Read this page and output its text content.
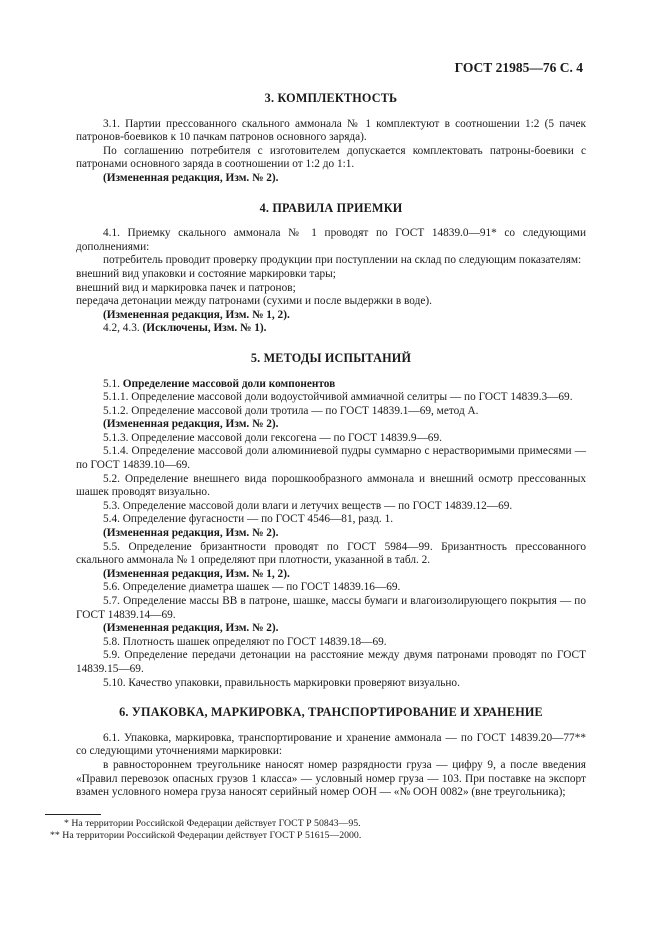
ГОСТ 21985—76 С. 4
3. КОМПЛЕКТНОСТЬ
3.1. Партии прессованного скального аммонала № 1 комплектуют в соотношении 1:2 (5 пачек патронов-боевиков к 10 пачкам патронов основного заряда).
По соглашению потребителя с изготовителем допускается комплектовать патроны-боевики с патронами основного заряда в соотношении от 1:2 до 1:1.
(Измененная редакция, Изм. № 2).
4. ПРАВИЛА ПРИЕМКИ
4.1. Приемку скального аммонала № 1 проводят по ГОСТ 14839.0—91* со следующими дополнениями:
потребитель проводит проверку продукции при поступлении на склад по следующим показателям:
внешний вид упаковки и состояние маркировки тары;
внешний вид и маркировка пачек и патронов;
передача детонации между патронами (сухими и после выдержки в воде).
(Измененная редакция, Изм. № 1, 2).
4.2, 4.3. (Исключены, Изм. № 1).
5. МЕТОДЫ ИСПЫТАНИЙ
5.1. Определение массовой доли компонентов
5.1.1. Определение массовой доли водоустойчивой аммиачной селитры — по ГОСТ 14839.3—69.
5.1.2. Определение массовой доли тротила — по ГОСТ 14839.1—69, метод А.
(Измененная редакция, Изм. № 2).
5.1.3. Определение массовой доли гексогена — по ГОСТ 14839.9—69.
5.1.4. Определение массовой доли алюминиевой пудры суммарно с нерастворимыми примесями — по ГОСТ 14839.10—69.
5.2. Определение внешнего вида порошкообразного аммонала и внешний осмотр прессованных шашек проводят визуально.
5.3. Определение массовой доли влаги и летучих веществ — по ГОСТ 14839.12—69.
5.4. Определение фугасности — по ГОСТ 4546—81, разд. 1.
(Измененная редакция, Изм. № 2).
5.5. Определение бризантности проводят по ГОСТ 5984—99. Бризантность прессованного скального аммонала № 1 определяют при плотности, указанной в табл. 2.
(Измененная редакция, Изм. № 1, 2).
5.6. Определение диаметра шашек — по ГОСТ 14839.16—69.
5.7. Определение массы ВВ в патроне, шашке, массы бумаги и влагоизолирующего покрытия — по ГОСТ 14839.14—69.
(Измененная редакция, Изм. № 2).
5.8. Плотность шашек определяют по ГОСТ 14839.18—69.
5.9. Определение передачи детонации на расстояние между двумя патронами проводят по ГОСТ 14839.15—69.
5.10. Качество упаковки, правильность маркировки проверяют визуально.
6. УПАКОВКА, МАРКИРОВКА, ТРАНСПОРТИРОВАНИЕ И ХРАНЕНИЕ
6.1. Упаковка, маркировка, транспортирование и хранение аммонала — по ГОСТ 14839.20—77** со следующими уточнениями маркировки:
в равностороннем треугольнике наносят номер разрядности груза — цифру 9, а после введения «Правил перевозок опасных грузов 1 класса» — условный номер груза — 103. При поставке на экспорт взамен условного номера груза наносят серийный номер ООН — «№ ООН 0082» (вне треугольника);
* На территории Российской Федерации действует ГОСТ Р 50843—95.
** На территории Российской Федерации действует ГОСТ Р 51615—2000.
